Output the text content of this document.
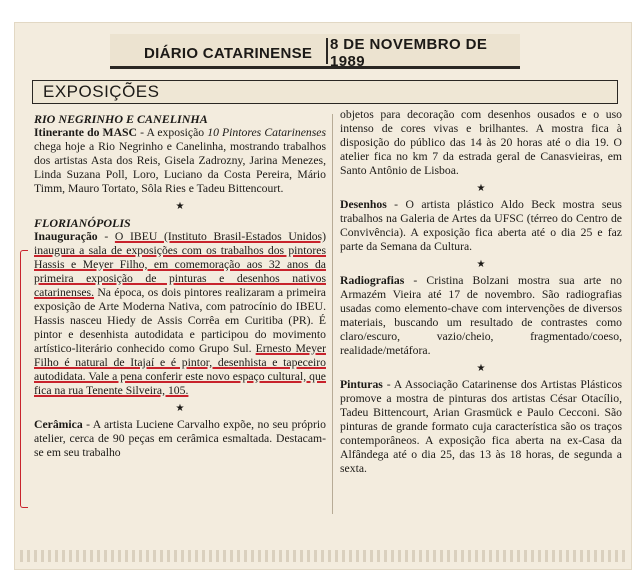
DIÁRIO CATARINENSE
8 DE NOVEMBRO DE 1989
EXPOSIÇÕES
RIO NEGRINHO E CANELINHA

Itinerante do MASC - A exposição 10 Pintores Catarinenses chega hoje a Rio Negrinho e Canelinha, mostrando trabalhos dos artistas Asta dos Reis, Gisela Zadrozny, Jarina Menezes, Linda Suzana Poll, Loro, Luciano da Costa Pereira, Mário Timm, Mauro Tortato, Sôla Ries e Tadeu Bittencourt.

★
FLORIANÓPOLIS

Inauguração - O IBEU (Instituto Brasil-Estados Unidos) inaugura a sala de exposições com os trabalhos dos pintores Hassis e Meyer Filho, em comemoração aos 32 anos da primeira exposição de pinturas e desenhos nativos catarinenses. Na época, os dois pintores realizaram a primeira exposição de Arte Moderna Nativa, com patrocínio do IBEU. Hassis nasceu Hiedy de Assis Corrêa em Curitiba (PR). É pintor e desenhista autodidata e participou do movimento artístico-literário conhecido como Grupo Sul. Ernesto Meyer Filho é natural de Itajaí e é pintor, desenhista e tapeceiro autodidata. Vale a pena conferir este novo espaço cultural, que fica na rua Tenente Silveira, 105.

★

Cerâmica - A artista Luciene Carvalho expõe, no seu próprio atelier, cerca de 90 peças em cerâmica esmaltada. Destacam-se em seu trabalho

objetos para decoração com desenhos ousados e o uso intenso de cores vivas e brilhantes. A mostra fica à disposição do público das 14 às 20 horas até o dia 19. O atelier fica no km 7 da estrada geral de Canasvieiras, em Santo Antônio de Lisboa.

★

Desenhos - O artista plástico Aldo Beck mostra seus trabalhos na Galeria de Artes da UFSC (térreo do Centro de Convivência). A exposição fica aberta até o dia 25 e faz parte da Semana da Cultura.

★

Radiografias - Cristina Bolzani mostra sua arte no Armazém Vieira até 17 de novembro. São radiografias usadas como elemento-chave com intervenções de diversos materiais, buscando um resultado de contrastes como claro/escuro, vazio/cheio, fragmentado/coeso, realidade/metáfora.

★

Pinturas - A Associação Catarinense dos Artistas Plásticos promove a mostra de pinturas dos artistas César Otacílio, Tadeu Bittencourt, Arian Grasmück e Paulo Cecconi. São pinturas de grande formato cuja característica são os traços contemporâneos. A exposição fica aberta na ex-Casa da Alfândega até o dia 25, das 13 às 18 horas, de segunda a sexta.
